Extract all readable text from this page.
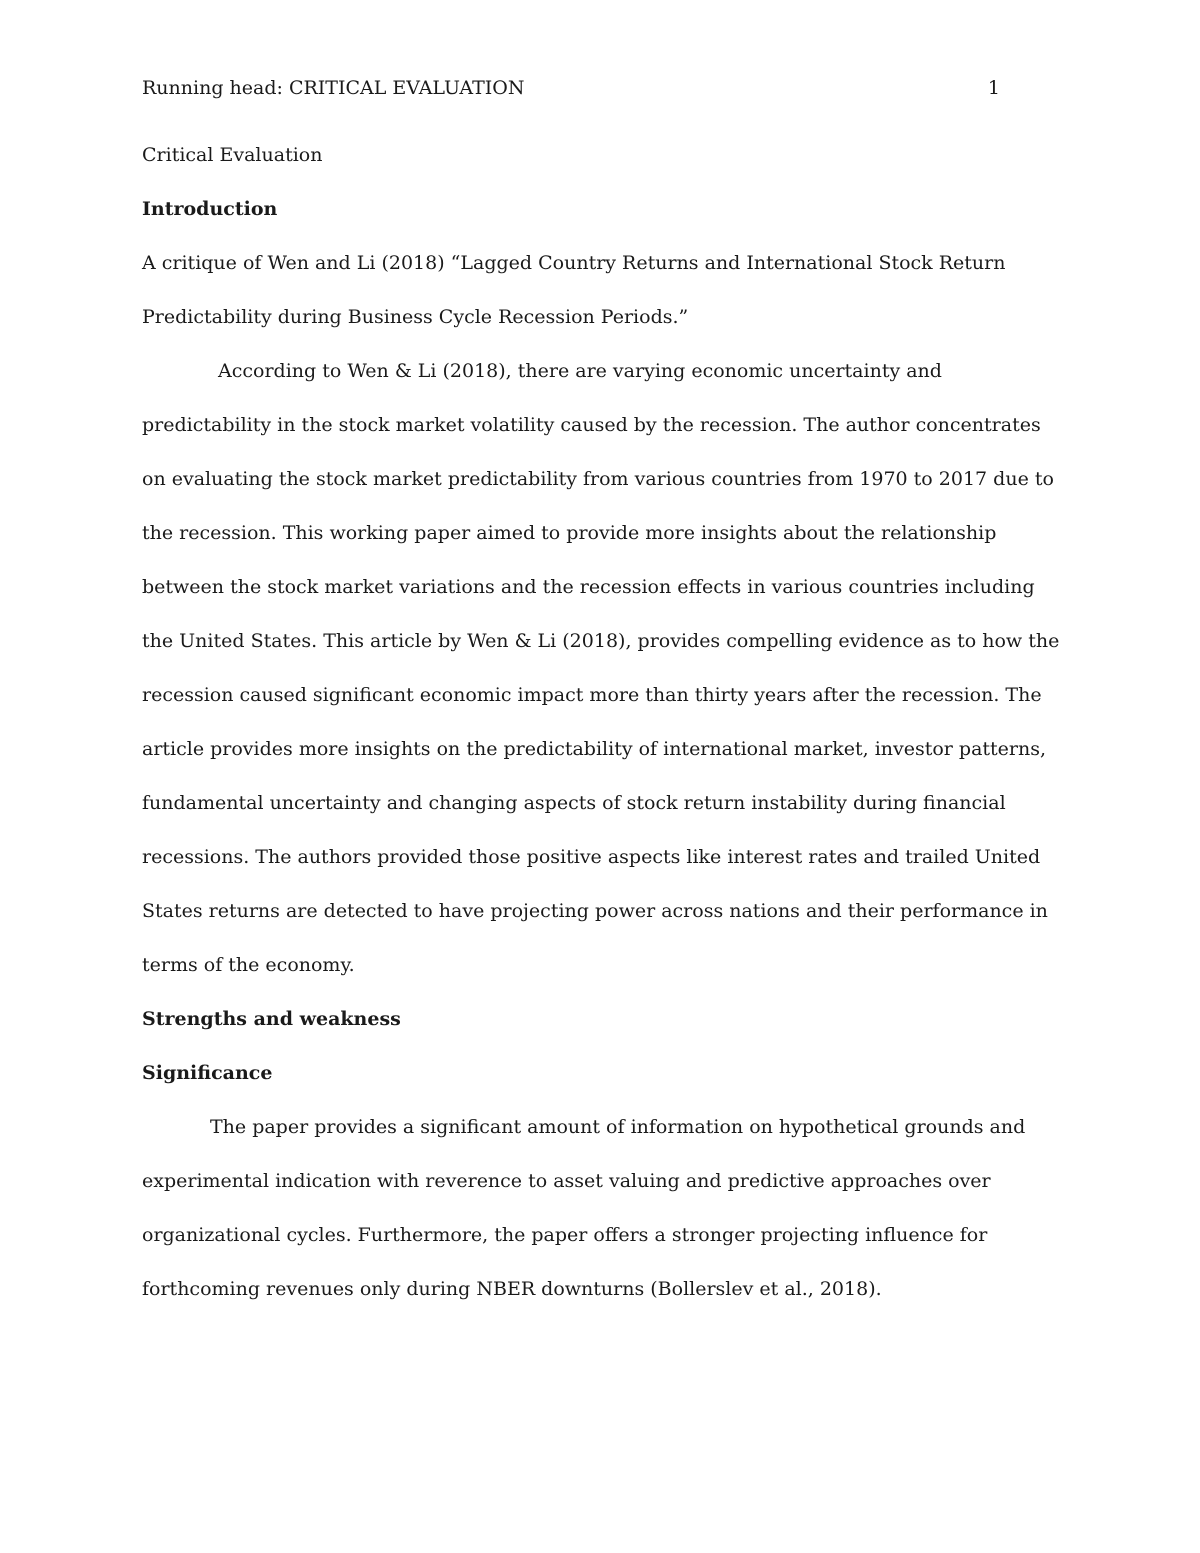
Running head: CRITICAL EVALUATION	1

Critical Evaluation

Introduction

A critique of Wen and Li (2018) “Lagged Country Returns and International Stock Return Predictability during Business Cycle Recession Periods.”

According to Wen & Li (2018), there are varying economic uncertainty and predictability in the stock market volatility caused by the recession. The author concentrates on evaluating the stock market predictability from various countries from 1970 to 2017 due to the recession. This working paper aimed to provide more insights about the relationship between the stock market variations and the recession effects in various countries including the United States. This article by Wen & Li (2018), provides compelling evidence as to how the recession caused significant economic impact more than thirty years after the recession. The article provides more insights on the predictability of international market, investor patterns, fundamental uncertainty and changing aspects of stock return instability during financial recessions. The authors provided those positive aspects like interest rates and trailed United States returns are detected to have projecting power across nations and their performance in terms of the economy.

Strengths and weakness

Significance

The paper provides a significant amount of information on hypothetical grounds and experimental indication with reverence to asset valuing and predictive approaches over organizational cycles. Furthermore, the paper offers a stronger projecting influence for forthcoming revenues only during NBER downturns (Bollerslev et al., 2018).
